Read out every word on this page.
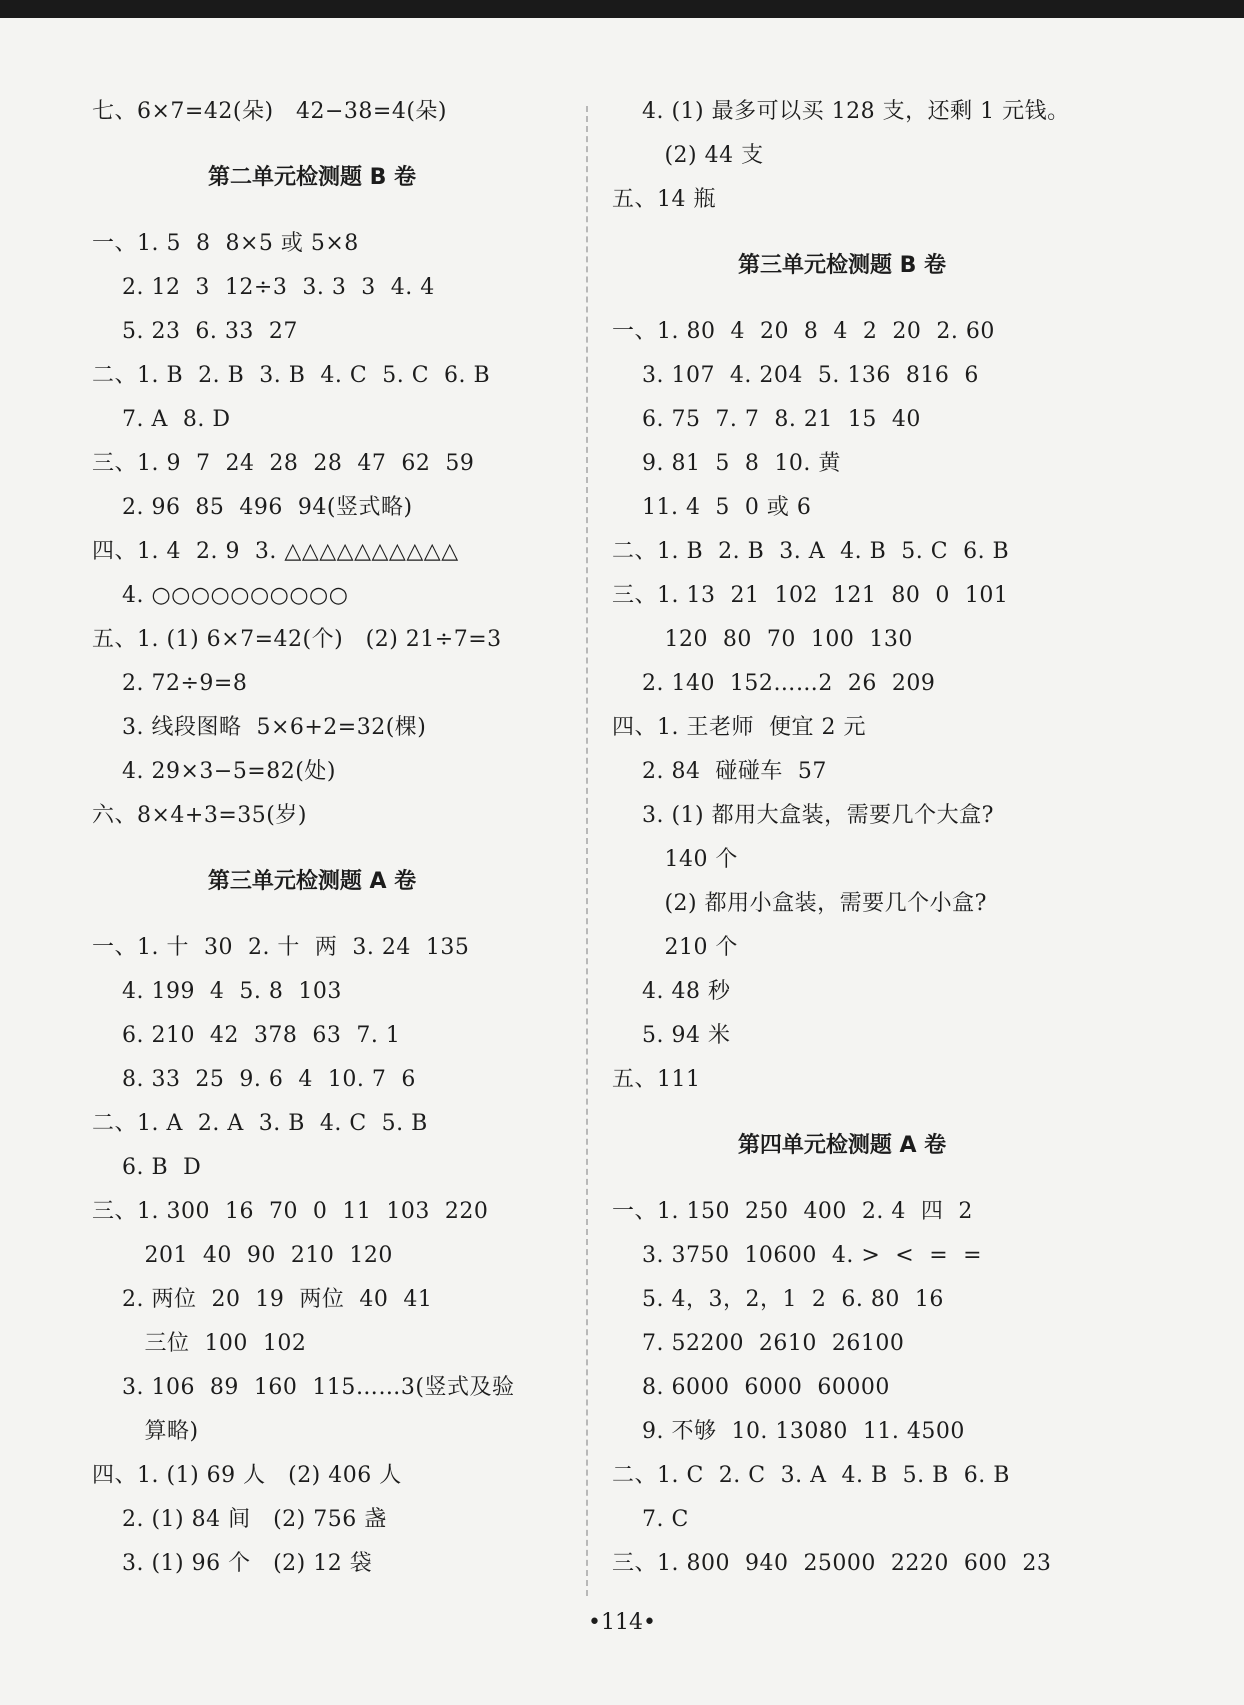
七、6×7=42(朵)   42−38=4(朵)
第二单元检测题 B 卷
一、1. 5  8  8×5 或 5×8
2. 12  3  12÷3  3. 3  3  4. 4
5. 23  6. 33  27
二、1. B  2. B  3. B  4. C  5. C  6. B
7. A  8. D
三、1. 9  7  24  28  28  47  62  59
2. 96  85  496  94(竖式略)
四、1. 4  2. 9  3. △△△△△△△△△△
4. ○○○○○○○○○○
五、1. (1) 6×7=42(个)   (2) 21÷7=3
2. 72÷9=8
3. 线段图略  5×6+2=32(棵)
4. 29×3−5=82(处)
六、8×4+3=35(岁)
第三单元检测题 A 卷
一、1. 十  30  2. 十  两  3. 24  135
4. 199  4  5. 8  103
6. 210  42  378  63  7. 1
8. 33  25  9. 6  4  10. 7  6
二、1. A  2. A  3. B  4. C  5. B
6. B  D
三、1. 300  16  70  0  11  103  220
201  40  90  210  120
2. 两位  20  19  两位  40  41
三位  100  102
3. 106  89  160  115……3(竖式及验
算略)
四、1. (1) 69 人   (2) 406 人
2. (1) 84 间   (2) 756 盏
3. (1) 96 个   (2) 12 袋
4. (1) 最多可以买 128 支，还剩 1 元钱。
(2) 44 支
五、14 瓶
第三单元检测题 B 卷
一、1. 80  4  20  8  4  2  20  2. 60
3. 107  4. 204  5. 136  816  6
6. 75  7. 7  8. 21  15  40
9. 81  5  8  10. 黄
11. 4  5  0 或 6
二、1. B  2. B  3. A  4. B  5. C  6. B
三、1. 13  21  102  121  80  0  101
120  80  70  100  130
2. 140  152……2  26  209
四、1. 王老师  便宜 2 元
2. 84  碰碰车  57
3. (1) 都用大盒装，需要几个大盒?
140 个
(2) 都用小盒装，需要几个小盒?
210 个
4. 48 秒
5. 94 米
五、111
第四单元检测题 A 卷
一、1. 150  250  400  2. 4  四  2
3. 3750  10600  4. >  <  =  =
5. 4，3，2，1  2  6. 80  16
7. 52200  2610  26100
8. 6000  6000  60000
9. 不够  10. 13080  11. 4500
二、1. C  2. C  3. A  4. B  5. B  6. B
7. C
三、1. 800  940  25000  2220  600  23
•114•
